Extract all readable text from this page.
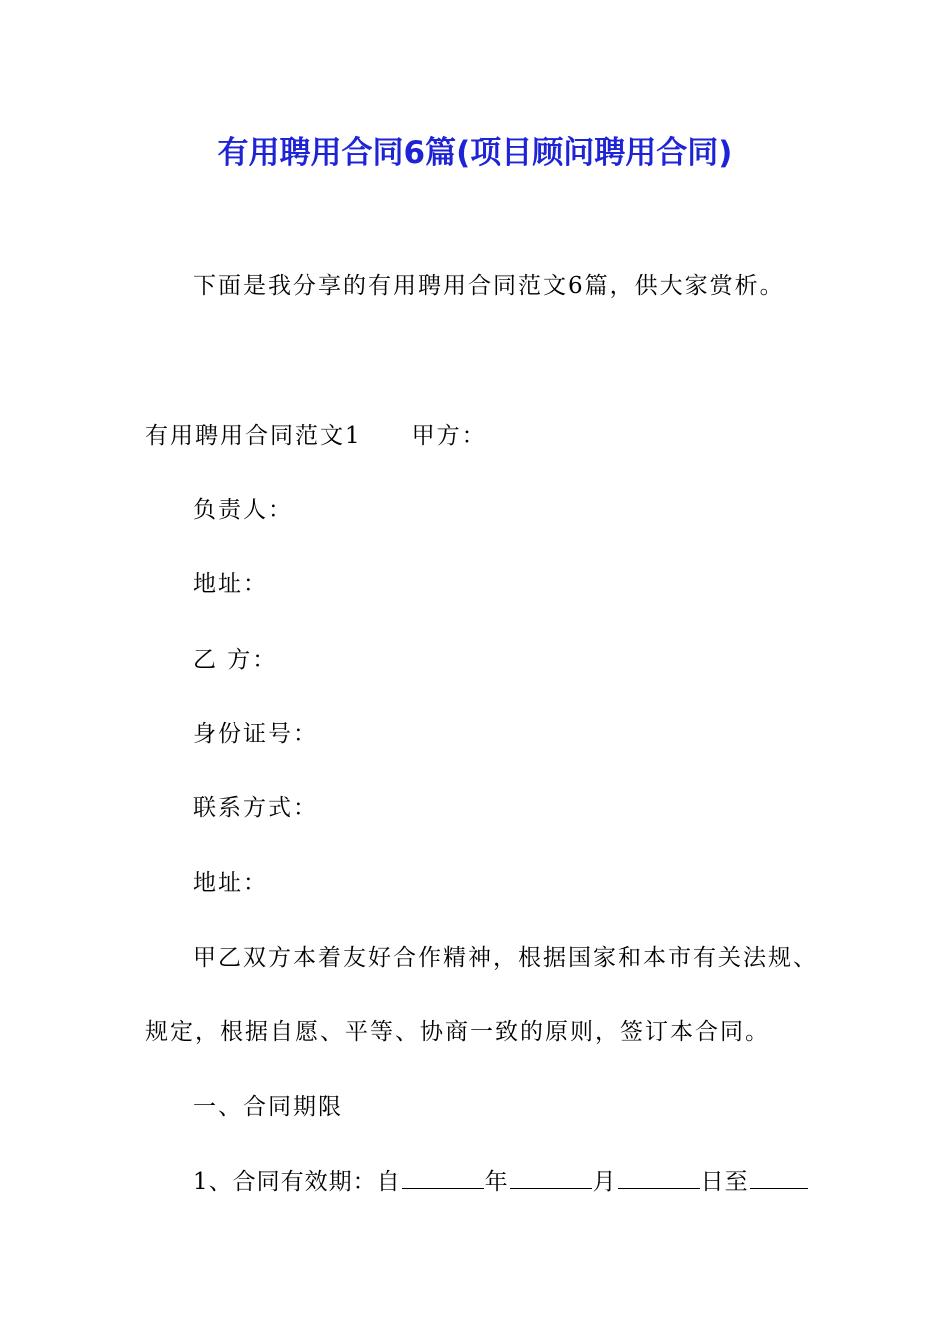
有用聘用合同6篇(项目顾问聘用合同)
下面是我分享的有用聘用合同范文6篇，供大家赏析。
有用聘用合同范文1 甲方：
负责人：
地址：
乙 方：
身份证号：
联系方式：
地址：
甲乙双方本着友好合作精神，根据国家和本市有关法规、
规定，根据自愿、平等、协商一致的原则，签订本合同。
一、合同期限
1、合同有效期：自	年	月	日至
